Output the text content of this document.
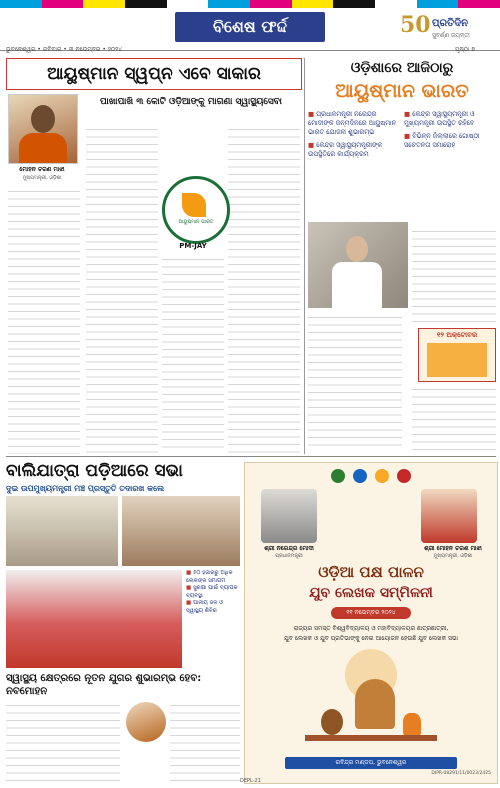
ବିଶେଷ ଫର୍ଦ୍ଦ	50 ପ୍ରତିଦିନ
ସୁବର୍ଣ୍ଣ ଜୟନ୍ତୀ
ଭୁବନେଶ୍ୱର • ରବିବାର • ୩ ନଭେମ୍ବର • ୨୦୨୪	ପୃଷ୍ଠା ୭
ଆୟୁଷ୍ମାନ ସ୍ୱପ୍ନ ଏବେ ସାକାର
ମୋହନ ଚରଣ ମାଝୀ
ମୁଖ୍ୟମନ୍ତ୍ରୀ, ଓଡ଼ିଶା
ପାଖାପାଖି ୩ କୋଟି ଓଡ଼ିଆଙ୍କୁ ମାଗଣା ସ୍ୱାସ୍ଥ୍ୟସେବା
ଆୟୁଷ୍ମାନ ଭାରତ
PM-JAY
ଓଡ଼ିଶାରେ ଆଜିଠାରୁ
ଆୟୁଷ୍ମାନ ଭାରତ
■ ପ୍ରଧାନମନ୍ତ୍ରୀ ନରେନ୍ଦ୍ର ମୋଦୀଙ୍କ ଜନ୍ମଦିନରେ ଆୟୁଷ୍ମାନ ଭାରତ ଯୋଜନା ଶୁଭାରମ୍ଭ
■ କେନ୍ଦ୍ର ସ୍ୱାସ୍ଥ୍ୟମନ୍ତ୍ରୀଙ୍କ ଉପସ୍ଥିତିରେ କାର୍ଯ୍ୟକ୍ରମ
■ କେନ୍ଦ୍ର ସ୍ୱାସ୍ଥ୍ୟମନ୍ତ୍ରୀ ଓ ମୁଖ୍ୟମନ୍ତ୍ରୀ ଉପସ୍ଥିତ ରହିବେ
■ ବିଭିନ୍ନ ଜିଲ୍ଲାରେ ଗୋଷ୍ଠୀ ସଚେତନତା ସମାରୋହ
୧୨ ଅକ୍ଟୋବର
ବାଲିଯାତ୍ରା ପଡ଼ିଆରେ ସଭା
ଦୁଇ ଉପମୁଖ୍ୟମନ୍ତ୍ରୀ ମଞ୍ଚ ପ୍ରସ୍ତୁତି ତଦାରଖ କଲେ
■ ୫୦ ହଜାରରୁ ଅଧିକ ଲୋକଙ୍କ ସମାଗମ
■ ସୁରକ୍ଷା ପାଇଁ ବ୍ୟାପକ ବ୍ୟବସ୍ଥା
■ ପାନୀୟ ଜଳ ଓ ସ୍ୱାସ୍ଥ୍ୟ ଶିବିର
ସ୍ୱାସ୍ଥ୍ୟ କ୍ଷେତ୍ରରେ ନୂତନ ଯୁଗର ଶୁଭାରମ୍ଭ ହେବ: ନବମୋହନ
ଶ୍ରୀ ନରେନ୍ଦ୍ର ମୋଦୀ
ପ୍ରଧାନମନ୍ତ୍ରୀ
ଶ୍ରୀ ମୋହନ ଚରଣ ମାଝୀ
ମୁଖ୍ୟମନ୍ତ୍ରୀ, ଓଡ଼ିଶା
ଓଡ଼ିଆ ପକ୍ଷ ପାଳନ
ଯୁବ ଲେଖକ ସମ୍ମିଳନୀ
୧୧ ନଭେମ୍ବର ୨୦୨୪
ରାଜ୍ୟର ସମସ୍ତ ବିଶ୍ୱବିଦ୍ୟାଳୟ ଓ ମହାବିଦ୍ୟାଳୟର ଛାତ୍ରଛାତ୍ରୀ,
ଯୁବ ଲେଖକ ଓ ଯୁବ ପ୍ରତିଭାଙ୍କୁ ନେଇ ଆୟୋଜନ ହେଉଛି ଯୁବ ଲେଖକ ସଭା
ରବିନ୍ଦ୍ର ମଣ୍ଡପ, ଭୁବନେଶ୍ୱର
DIPR-08291/11/0023/2425
DEPL-21
